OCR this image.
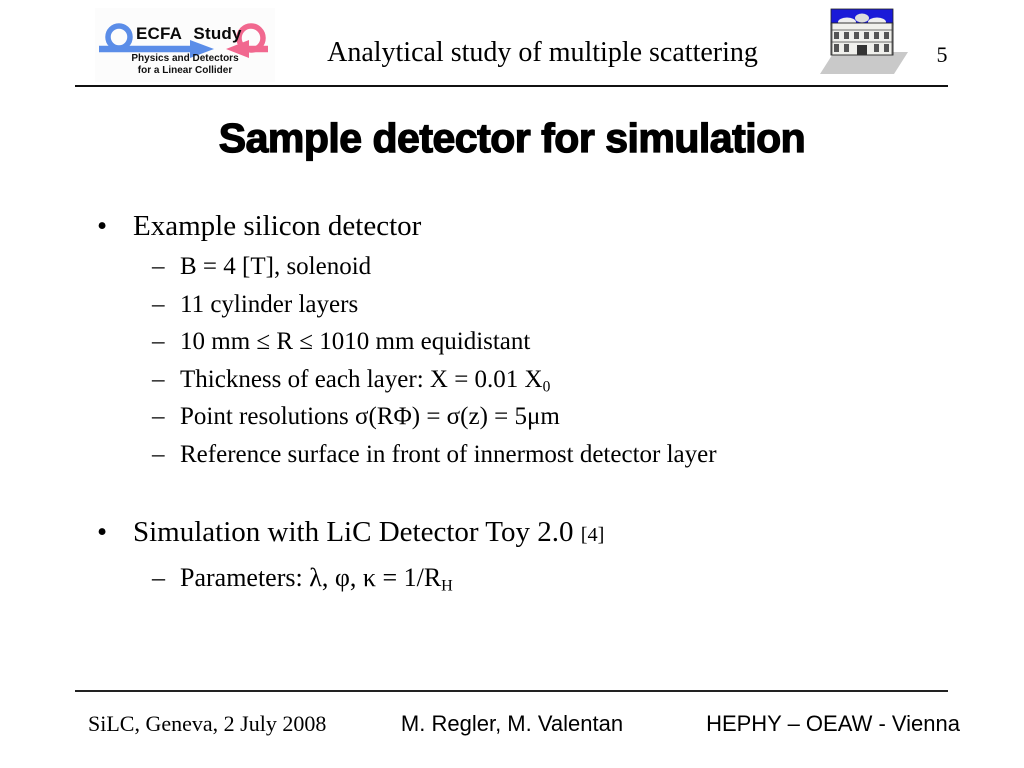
ECFA Study
Physics and Detectors
for a Linear Collider
Analytical study of multiple scattering	5
Sample detector for simulation
• Example silicon detector
– B = 4 [T], solenoid
– 11 cylinder layers
– 10 mm ≤ R ≤ 1010 mm equidistant
– Thickness of each layer: X = 0.01 $X_0$
– Point resolutions σ(RΦ) = σ(z) = 5μm
– Reference surface in front of innermost detector layer
• Simulation with LiC Detector Toy 2.0 [4]
– Parameters: λ, φ, $\kappa = 1/R_H$
SiLC, Geneva, 2 July 2008	M. Regler, M. Valentan	HEPHY – OEAW - Vienna
